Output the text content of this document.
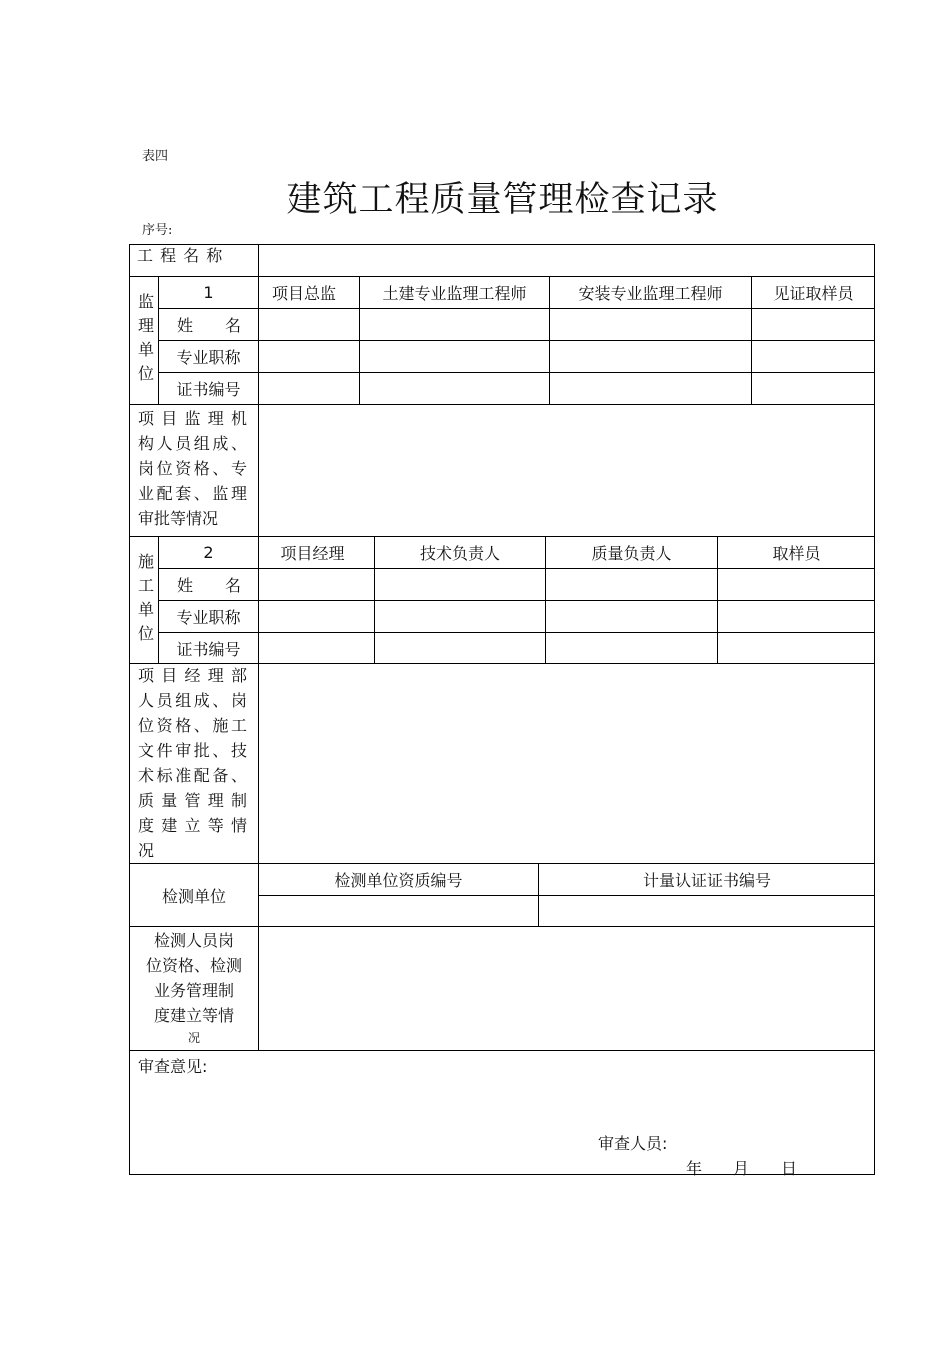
表四
建筑工程质量管理检查记录
序号:
工 程 名 称
监
理
单
位
1	项目总监	土建专业监理工程师	安装专业监理工程师	见证取样员
姓　　名
专业职称
证书编号
项 目 监 理 机
构人员组成、
岗位资格、专
业配套、监理
审批等情况
施
工
单
位
2	项目经理	技术负责人	质量负责人	取样员
姓　　名
专业职称
证书编号
项 目 经 理 部
人员组成、岗
位资格、施工
文件审批、技
术标准配备、
质 量 管 理 制
度 建 立 等 情
况
检测单位
检测单位资质编号	计量认证证书编号
检测人员岗
位资格、检测
业务管理制
度建立等情
况
审查意见:
审查人员:
年 月 日
